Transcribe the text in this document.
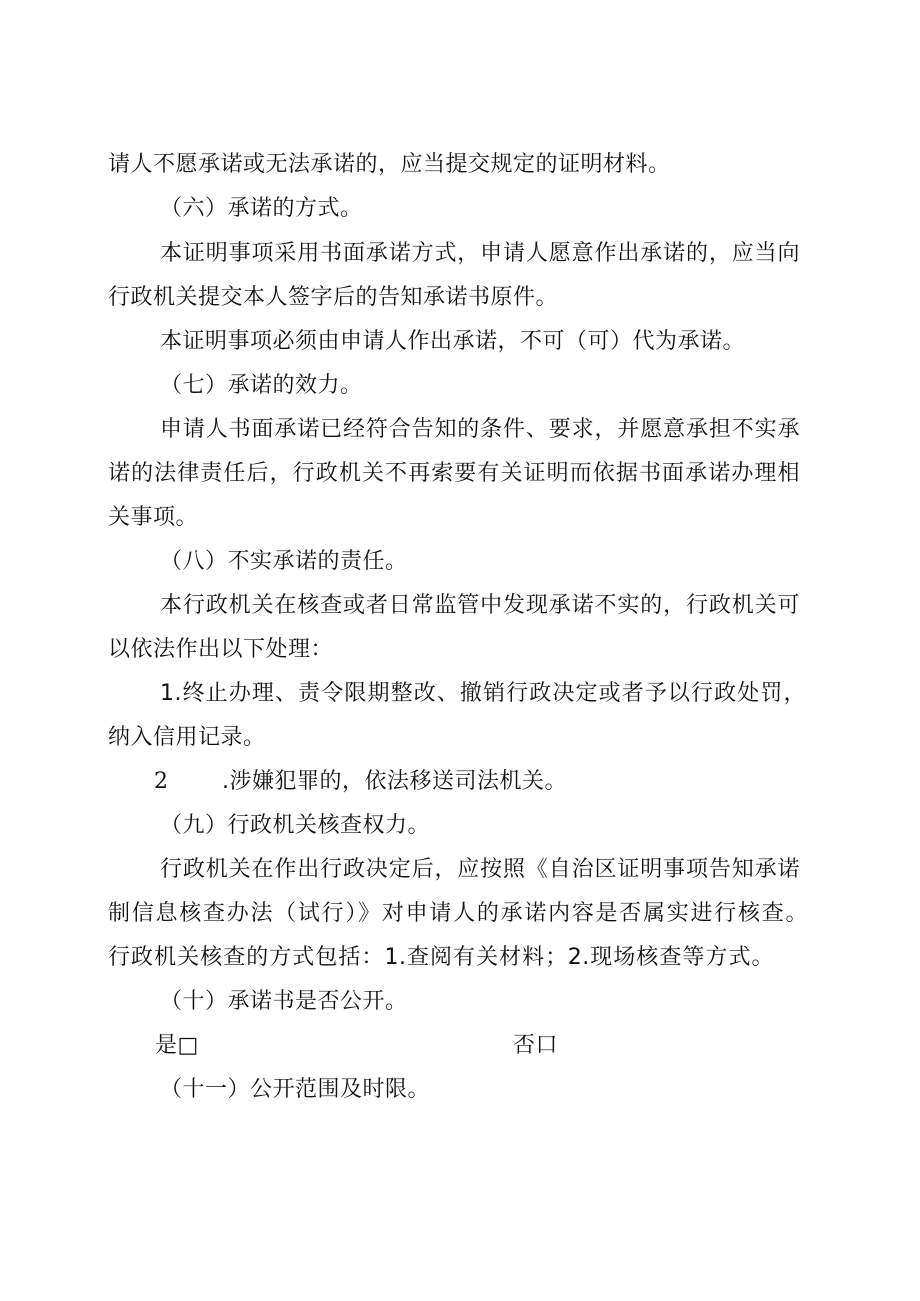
请人不愿承诺或无法承诺的，应当提交规定的证明材料。
（六）承诺的方式。
本证明事项采用书面承诺方式，申请人愿意作出承诺的，应当向
行政机关提交本人签字后的告知承诺书原件。
本证明事项必须由申请人作出承诺，不可（可）代为承诺。
（七）承诺的效力。
申请人书面承诺已经符合告知的条件、要求，并愿意承担不实承
诺的法律责任后，行政机关不再索要有关证明而依据书面承诺办理相
关事项。
（八）不实承诺的责任。
本行政机关在核查或者日常监管中发现承诺不实的，行政机关可
以依法作出以下处理：
1.终止办理、责令限期整改、撤销行政决定或者予以行政处罚，
纳入信用记录。
2 .涉嫌犯罪的，依法移送司法机关。
（九）行政机关核查权力。
行政机关在作出行政决定后，应按照《自治区证明事项告知承诺
制信息核查办法（试行）》对申请人的承诺内容是否属实进行核查。
行政机关核查的方式包括：1.查阅有关材料；2.现场核查等方式。
（十）承诺书是否公开。
是□	否口
（十一）公开范围及时限。
